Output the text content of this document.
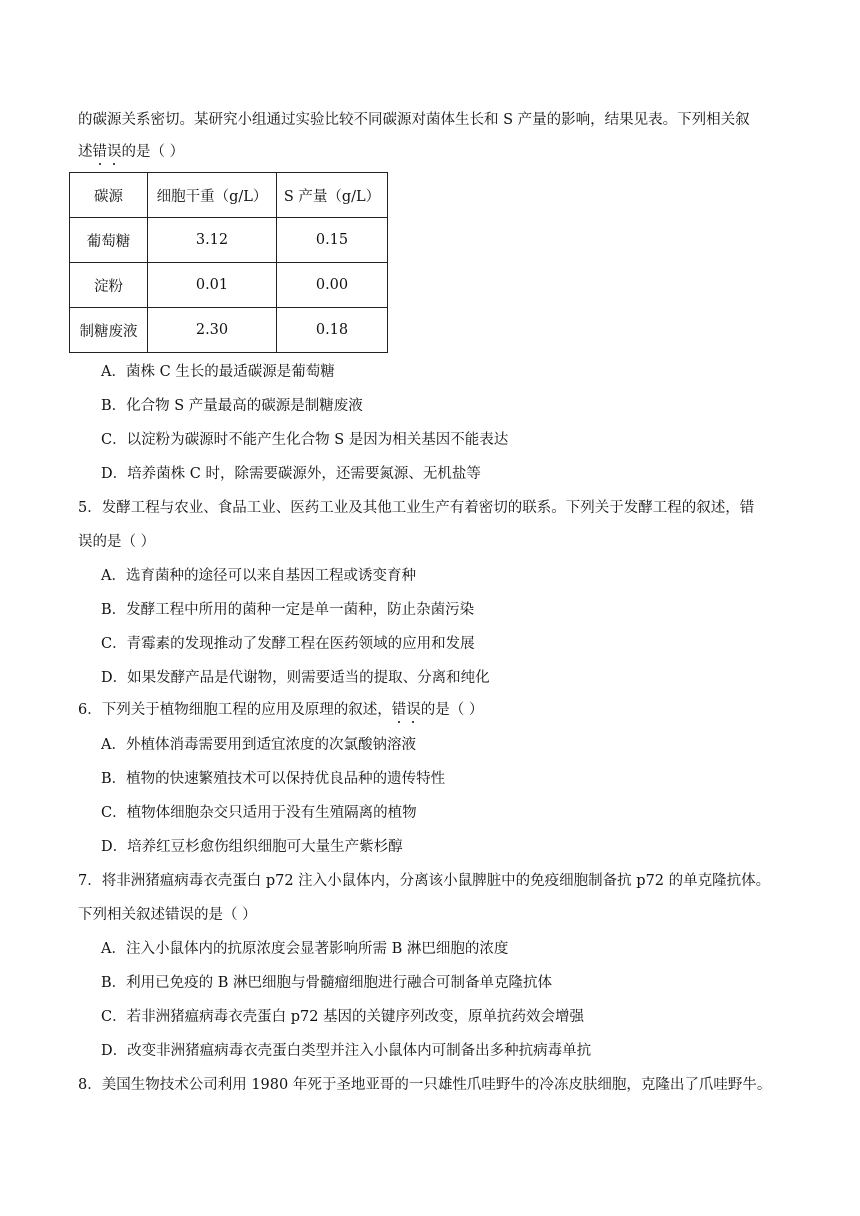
的碳源关系密切。某研究小组通过实验比较不同碳源对菌体生长和 S 产量的影响，结果见表。下列相关叙
述错误的是（ ）
碳源	细胞干重（g/L）	S 产量（g/L）
葡萄糖	3.12	0.15
淀粉	0.01	0.00
制糖废液	2.30	0.18
A．菌株 C 生长的最适碳源是葡萄糖
B．化合物 S 产量最高的碳源是制糖废液
C．以淀粉为碳源时不能产生化合物 S 是因为相关基因不能表达
D．培养菌株 C 时，除需要碳源外，还需要氮源、无机盐等
5．发酵工程与农业、食品工业、医药工业及其他工业生产有着密切的联系。下列关于发酵工程的叙述，错
误的是（ ）
A．选育菌种的途径可以来自基因工程或诱变育种
B．发酵工程中所用的菌种一定是单一菌种，防止杂菌污染
C．青霉素的发现推动了发酵工程在医药领域的应用和发展
D．如果发酵产品是代谢物，则需要适当的提取、分离和纯化
6．下列关于植物细胞工程的应用及原理的叙述，错误的是（ ）
A．外植体消毒需要用到适宜浓度的次氯酸钠溶液
B．植物的快速繁殖技术可以保持优良品种的遗传特性
C．植物体细胞杂交只适用于没有生殖隔离的植物
D．培养红豆杉愈伤组织细胞可大量生产紫杉醇
7．将非洲猪瘟病毒衣壳蛋白 p72 注入小鼠体内，分离该小鼠脾脏中的免疫细胞制备抗 p72 的单克隆抗体。
下列相关叙述错误的是（ ）
A．注入小鼠体内的抗原浓度会显著影响所需 B 淋巴细胞的浓度
B．利用已免疫的 B 淋巴细胞与骨髓瘤细胞进行融合可制备单克隆抗体
C．若非洲猪瘟病毒衣壳蛋白 p72 基因的关键序列改变，原单抗药效会增强
D．改变非洲猪瘟病毒衣壳蛋白类型并注入小鼠体内可制备出多种抗病毒单抗
8．美国生物技术公司利用 1980 年死于圣地亚哥的一只雄性爪哇野牛的冷冻皮肤细胞，克隆出了爪哇野牛。
